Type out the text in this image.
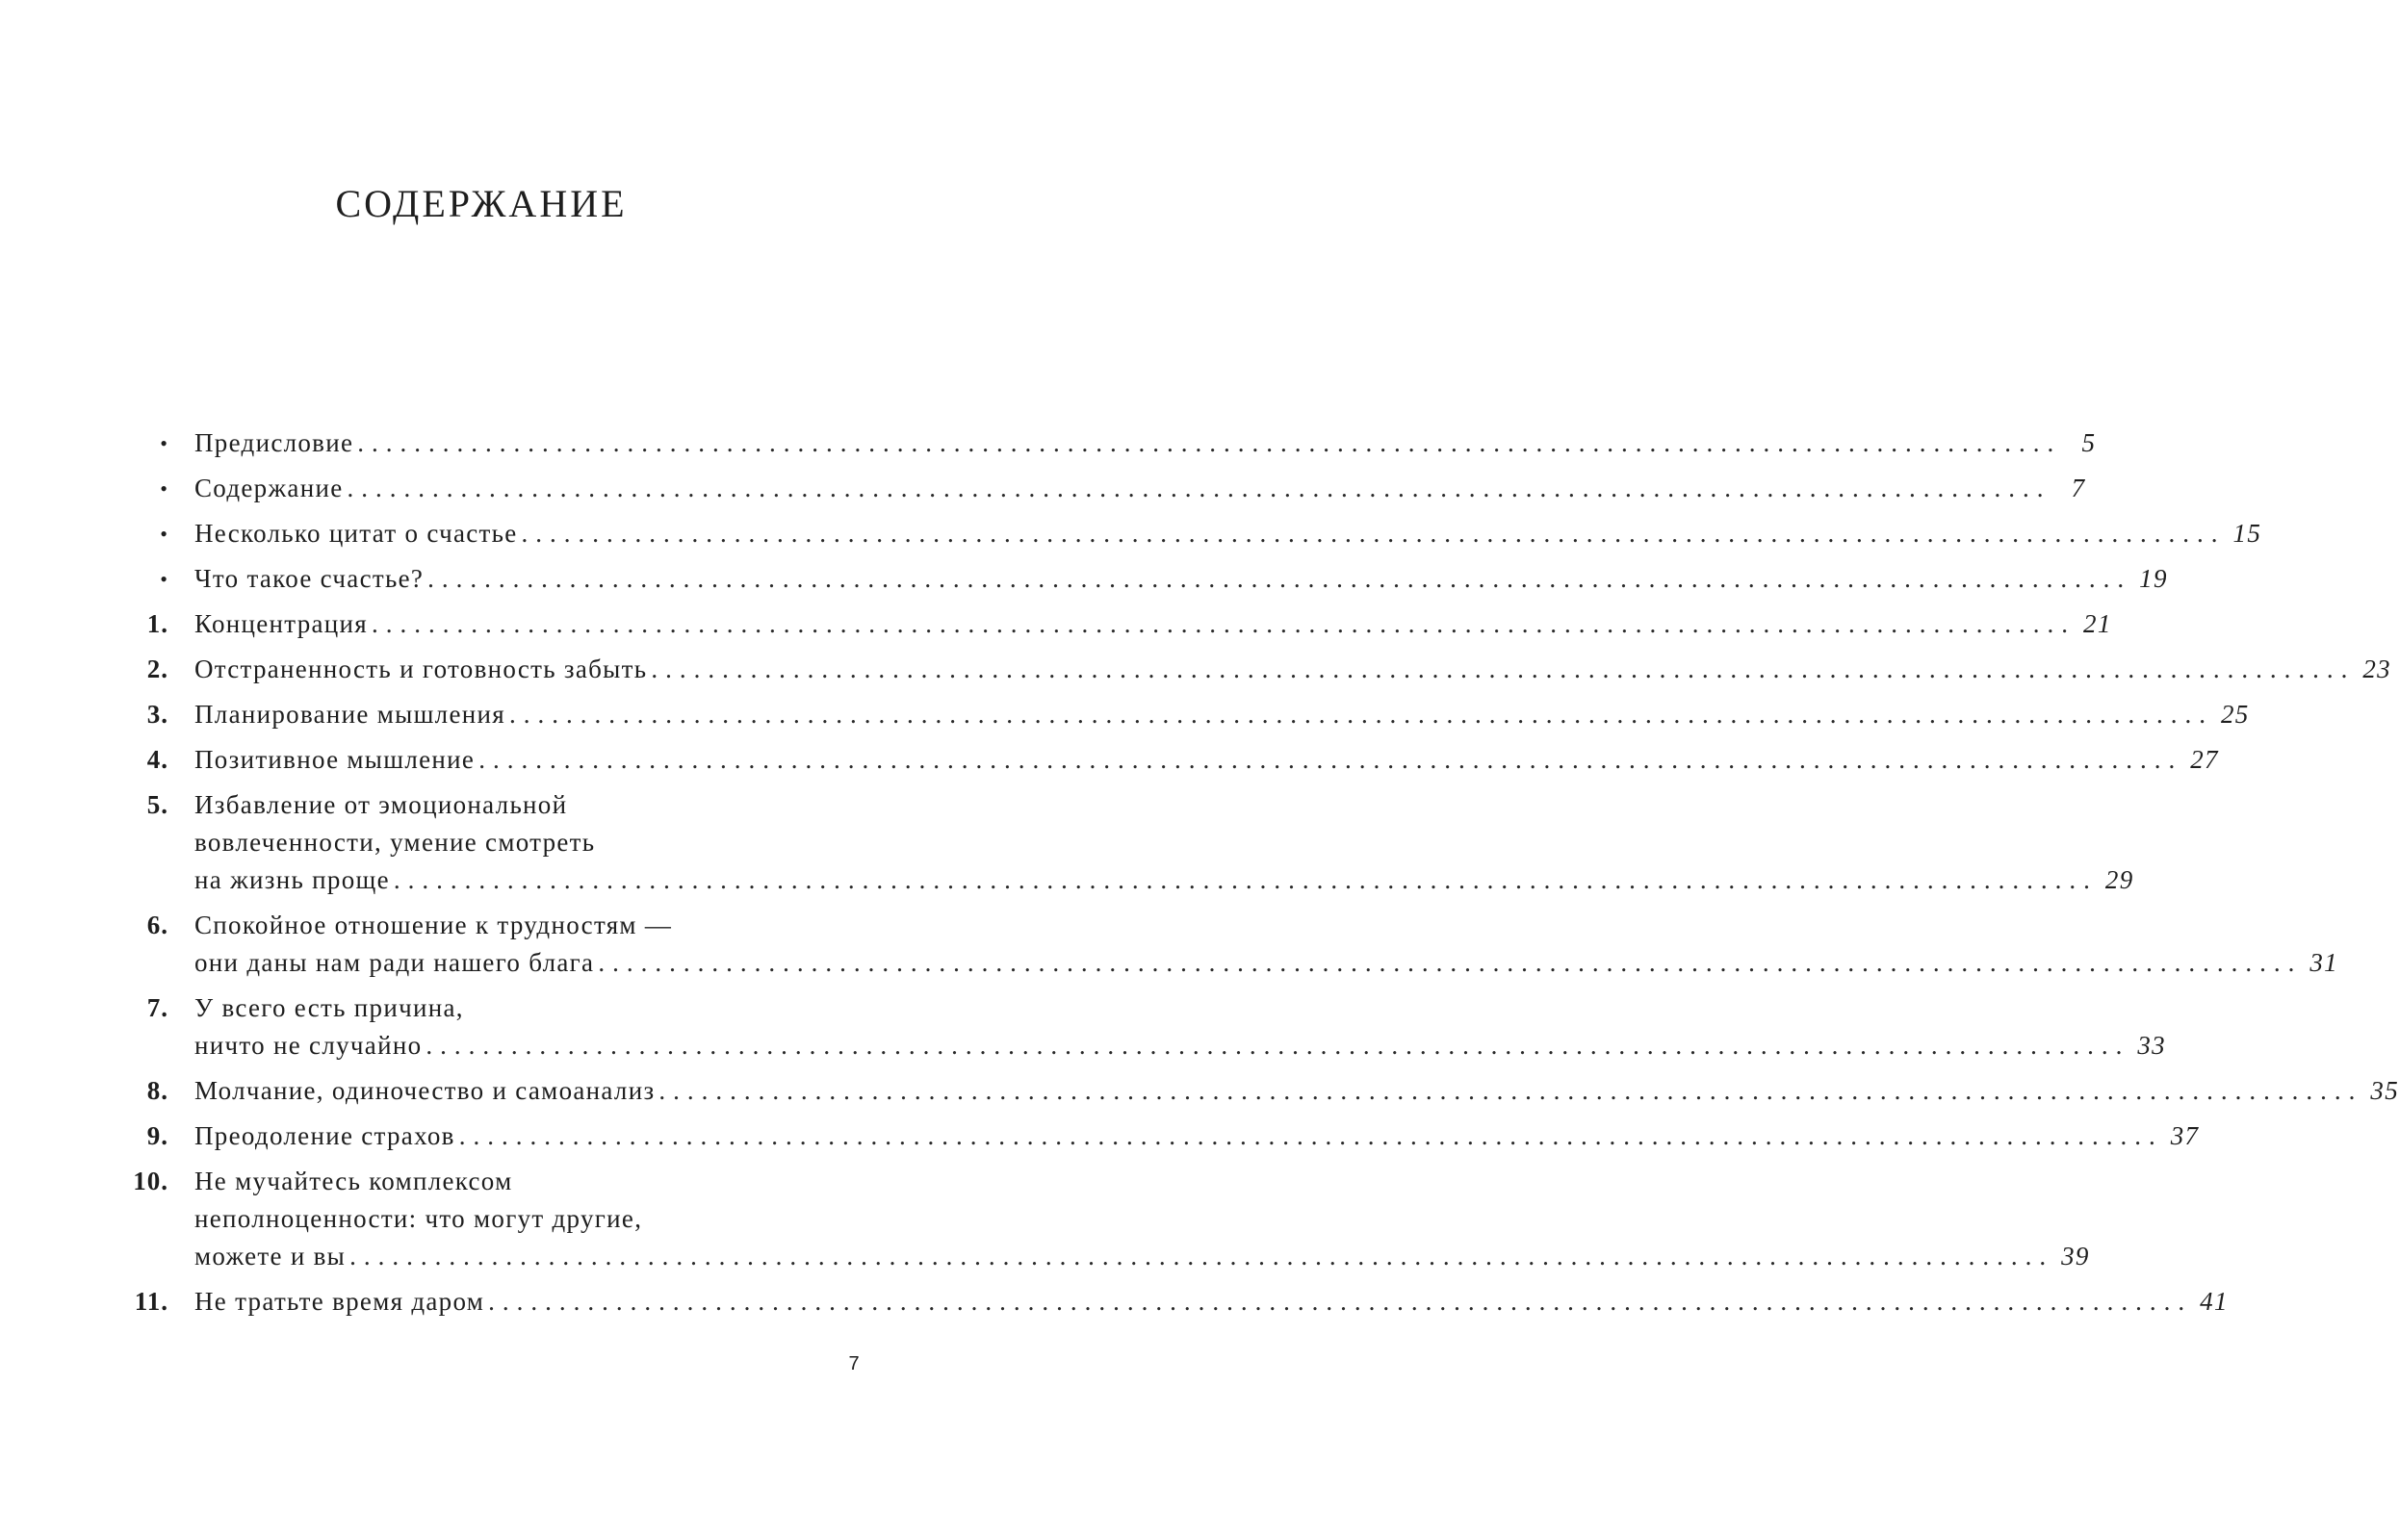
СОДЕРЖАНИЕ
• Предисловие ........................................................................................................................ 5
• Содержание ........................................................................................................................ 7
• Несколько цитат о счастье ........................................................................................................................ 15
• Что такое счастье? ........................................................................................................................ 19
1. Концентрация ........................................................................................................................ 21
2. Отстраненность и готовность забыть ........................................................................................................................ 23
3. Планирование мышления ........................................................................................................................ 25
4. Позитивное мышление ........................................................................................................................ 27
5. Избавление от эмоциональной
вовлеченности, умение смотреть
на жизнь проще ........................................................................................................................ 29
6. Спокойное отношение к трудностям —
они даны нам ради нашего блага ........................................................................................................................ 31
7. У всего есть причина,
ничто не случайно ........................................................................................................................ 33
8. Молчание, одиночество и самоанализ ........................................................................................................................ 35
9. Преодоление страхов ........................................................................................................................ 37
10. Не мучайтесь комплексом
неполноценности: что могут другие,
можете и вы ........................................................................................................................ 39
11. Не тратьте время даром ........................................................................................................................ 41
7
